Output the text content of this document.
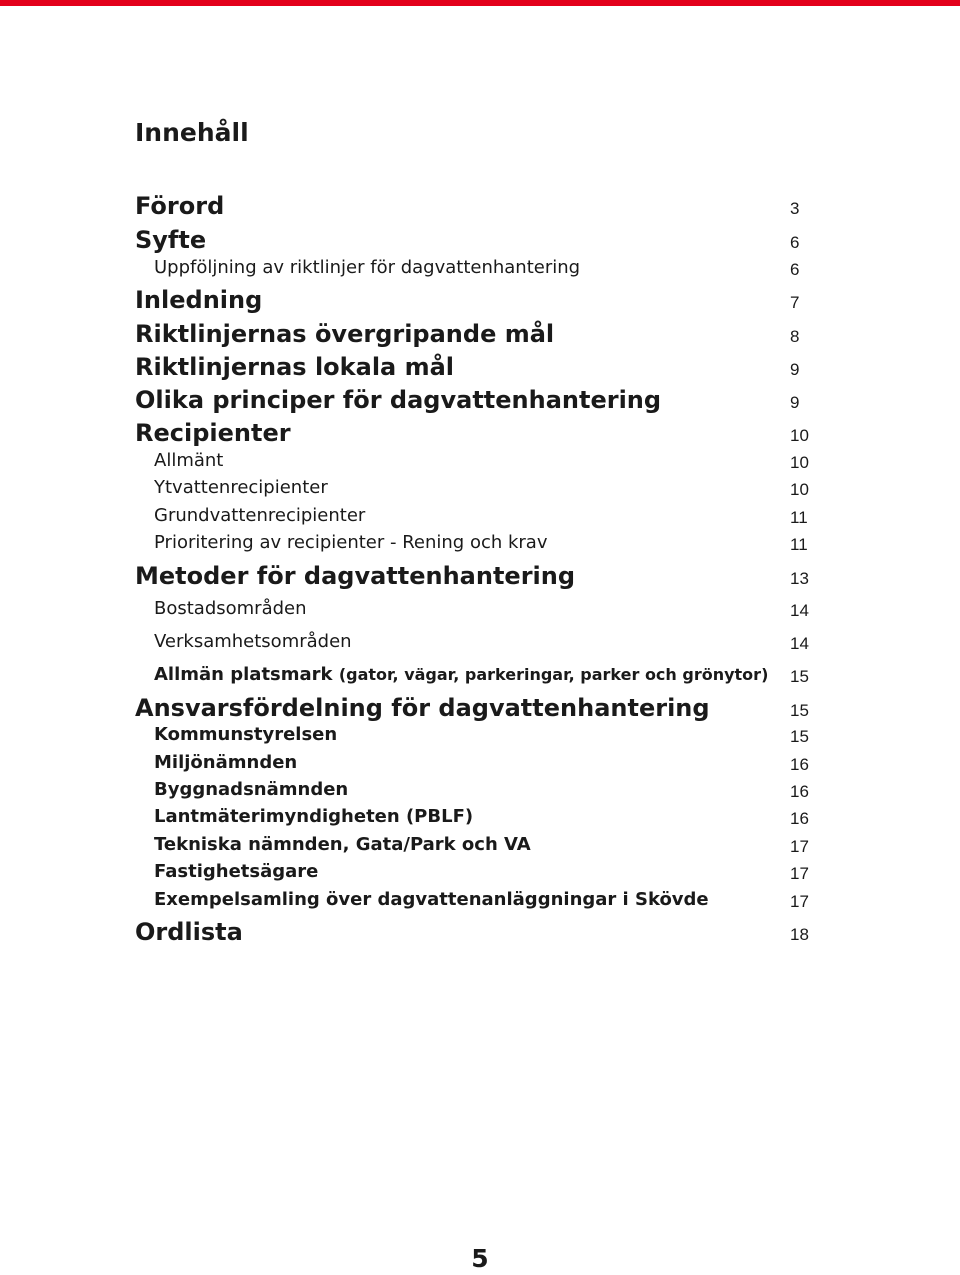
Innehåll
Förord	3
Syfte	6
Uppföljning av riktlinjer för dagvattenhantering	6
Inledning	7
Riktlinjernas övergripande mål	8
Riktlinjernas lokala mål	9
Olika principer för dagvattenhantering	9
Recipienter	10
Allmänt	10
Ytvattenrecipienter	10
Grundvattenrecipienter	11
Prioritering av recipienter - Rening och krav	11
Metoder för dagvattenhantering	13
Bostadsområden	14
Verksamhetsområden	14
Allmän platsmark (gator, vägar, parkeringar, parker och grönytor) 15
Ansvarsfördelning för dagvattenhantering	15
Kommunstyrelsen	15
Miljönämnden	16
Byggnadsnämnden	16
Lantmäterimyndigheten (PBLF)	16
Tekniska nämnden, Gata/Park och VA	17
Fastighetsägare	17
Exempelsamling över dagvattenanläggningar i Skövde	17
Ordlista	18
5
